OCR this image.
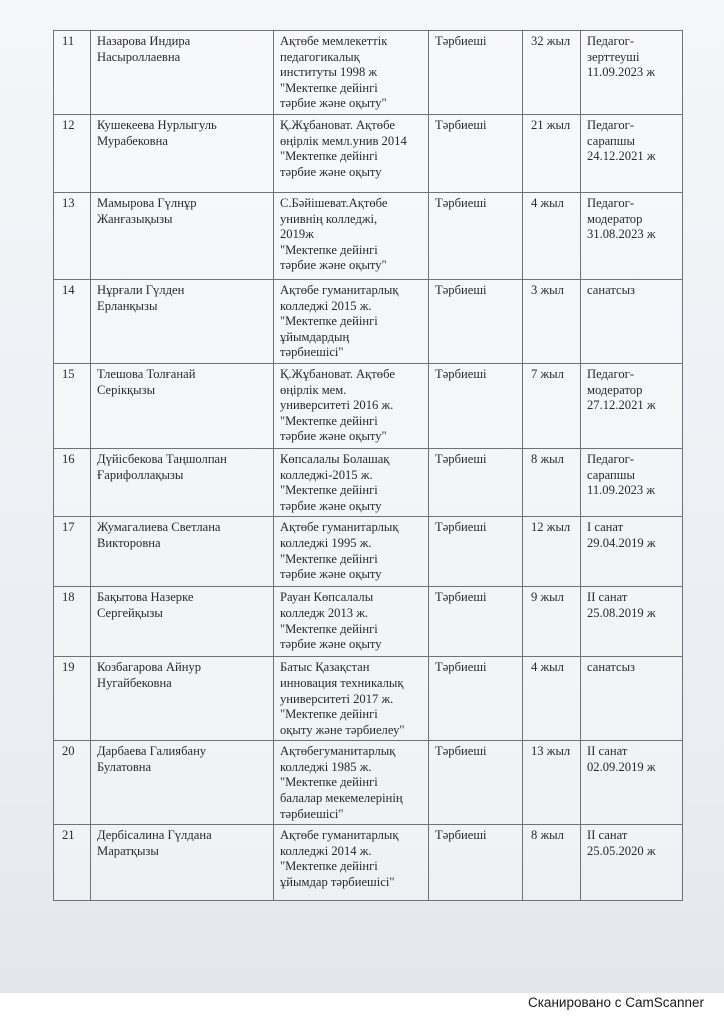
11	Назарова Индира
Насыроллаевна	Ақтөбе мемлекеттік
педагогикалық
институты 1998 ж
"Мектепке дейінгі
тәрбие және оқыту"	Тәрбиеші	32 жыл	Педагог-
зерттеуші
11.09.2023 ж

12	Кушекеева Нурлыгуль
Мурабековна	Қ.Жұбановат. Ақтөбе
өңірлік мемл.унив 2014
"Мектепке дейінгі
тәрбие және оқыту	Тәрбиеші	21 жыл	Педагог-
сарапшы
24.12.2021 ж

13	Мамырова Гүлнұр
Жанғазықызы	С.Бәйішеват.Ақтөбе
унивнің колледжі,
2019ж
"Мектепке дейінгі
тәрбие және оқыту"	Тәрбиеші	4 жыл	Педагог-
модератор
31.08.2023 ж

14	Нұрғали Гүлден
Ерланқызы	Ақтөбе гуманитарлық
колледжі 2015 ж.
"Мектепке дейінгі
ұйымдардың
тәрбиешісі"	Тәрбиеші	3 жыл	санатсыз

15	Тлешова Толғанай
Серікқызы	Қ.Жұбановат. Ақтөбе
өңірлік мем.
университеті 2016 ж.
"Мектепке дейінгі
тәрбие және оқыту"	Тәрбиеші	7 жыл	Педагог-
модератор
27.12.2021 ж

16	Дүйісбекова Таңшолпан
Ғарифоллақызы	Көпсалалы Болашақ
колледжі-2015 ж.
"Мектепке дейінгі
тәрбие және оқыту	Тәрбиеші	8 жыл	Педагог-
сарапшы
11.09.2023 ж

17	Жумагалиева Светлана
Викторовна	Ақтөбе гуманитарлық
колледжі 1995 ж.
"Мектепке дейінгі
тәрбие және оқыту	Тәрбиеші	12 жыл	I санат
29.04.2019 ж

18	Бақытова Назерке
Сергейқызы	Рауан Көпсалалы
колледж 2013 ж.
"Мектепке дейінгі
тәрбие және оқыту	Тәрбиеші	9 жыл	II санат
25.08.2019 ж

19	Козбагарова Айнур
Нугайбековна	Батыс Қазақстан
инновация техникалық
университеті 2017 ж.
"Мектепке дейінгі
оқыту және тәрбиелеу"	Тәрбиеші	4 жыл	санатсыз

20	Дарбаева Галиябану
Булатовна	Ақтөбегуманитарлық
колледжі 1985 ж.
"Мектепке дейінгі
балалар мекемелерінің
тәрбиешісі"	Тәрбиеші	13 жыл	II санат
02.09.2019 ж

21	Дербісалина Гүлдана
Маратқызы	Ақтөбе гуманитарлық
колледжі 2014 ж.
"Мектепке дейінгі
ұйымдар тәрбиешісі"	Тәрбиеші	8 жыл	II санат
25.05.2020 ж
Сканировано с CamScanner
